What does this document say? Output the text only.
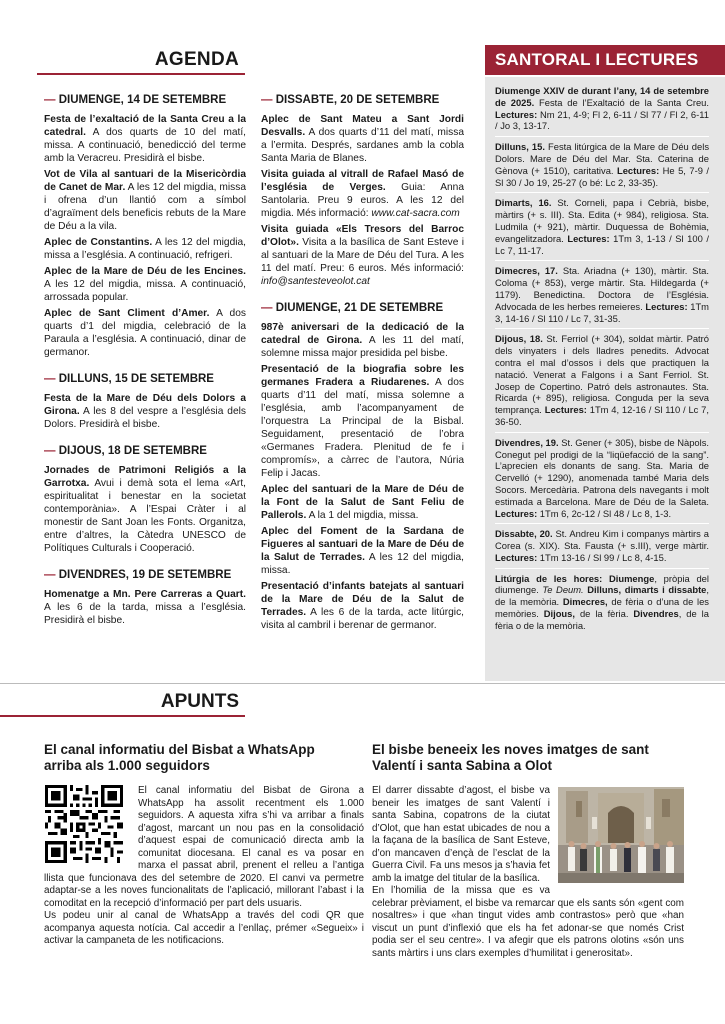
AGENDA	SANTORAL I LECTURES
— DIUMENGE, 14 DE SETEMBRE

Festa de l’exaltació de la Santa Creu a la catedral. A dos quarts de 10 del matí, missa. A continuació, benedicció del terme amb la Veracreu. Presidirà el bisbe.

Vot de Vila al santuari de la Misericòrdia de Canet de Mar. A les 12 del migdia, missa i ofrena d’un llantió com a símbol d’agraïment dels beneficis rebuts de la Mare de Déu a la vila.

Aplec de Constantins. A les 12 del migdia, missa a l’església. A continuació, refrigeri.

Aplec de la Mare de Déu de les Encines. A les 12 del migdia, missa. A continuació, arrossada popular.

Aplec de Sant Climent d’Amer. A dos quarts d’1 del migdia, celebració de la Paraula a l’església. A continuació, dinar de germanor.

— DILLUNS, 15 DE SETEMBRE

Festa de la Mare de Déu dels Dolors a Girona. A les 8 del vespre a l’església dels Dolors. Presidirà el bisbe.

— DIJOUS, 18 DE SETEMBRE

Jornades de Patrimoni Religiós a la Garrotxa. Avui i demà sota el lema «Art, espiritualitat i benestar en la societat contemporània». A l’Espai Cràter i al monestir de Sant Joan les Fonts. Organitza, entre d’altres, la Càtedra UNESCO de Polítiques Culturals i Cooperació.

— DIVENDRES, 19 DE SETEMBRE

Homenatge a Mn. Pere Carreras a Quart. A les 6 de la tarda, missa a l’església. Presidirà el bisbe.

— DISSABTE, 20 DE SETEMBRE

Aplec de Sant Mateu a Sant Jordi Desvalls. A dos quarts d’11 del matí, missa a l’ermita. Després, sardanes amb la cobla Santa Maria de Blanes.

Visita guiada al vitrall de Rafael Masó de l’església de Verges. Guia: Anna Santolaria. Preu 9 euros. A les 12 del migdia. Més informació: www.cat-sacra.com

Visita guiada «Els Tresors del Barroc d’Olot». Visita a la basílica de Sant Esteve i al santuari de la Mare de Déu del Tura. A les 11 del matí. Preu: 6 euros. Més informació: info@santesteveolot.cat

— DIUMENGE, 21 DE SETEMBRE

987è aniversari de la dedicació de la catedral de Girona. A les 11 del matí, solemne missa major presidida pel bisbe.

Presentació de la biografia sobre les germanes Fradera a Riudarenes. A dos quarts d’11 del matí, missa solemne a l’església, amb l’acompanyament de l’orquestra La Principal de la Bisbal. Seguidament, presentació de l’obra «Germanes Fradera. Plenitud de fe i compromís», a càrrec de l’autora, Núria Felip i Jacas.

Aplec del santuari de la Mare de Déu de la Font de la Salut de Sant Feliu de Pallerols. A la 1 del migdia, missa.

Aplec del Foment de la Sardana de Figueres al santuari de la Mare de Déu de la Salut de Terrades. A les 12 del migdia, missa.

Presentació d’infants batejats al santuari de la Mare de Déu de la Salut de Terrades. A les 6 de la tarda, acte litúrgic, visita al cambril i berenar de germanor.

Diumenge XXIV de durant l’any, 14 de setembre de 2025. Festa de l’Exaltació de la Santa Creu. Lectures: Nm 21, 4-9; Fl 2, 6-11 / Sl 77 / Fl 2, 6-11 / Jo 3, 13-17.

Dilluns, 15. Festa litúrgica de la Mare de Déu dels Dolors. Mare de Déu del Mar. Sta. Caterina de Gènova (+ 1510), caritativa. Lectures: He 5, 7-9 / Sl 30 / Jo 19, 25-27 (o bé: Lc 2, 33-35).

Dimarts, 16. St. Corneli, papa i Cebrià, bisbe, màrtirs (+ s. III). Sta. Edita (+ 984), religiosa. Sta. Ludmila (+ 921), màrtir. Duquessa de Bohèmia, evangelitzadora. Lectures: 1Tm 3, 1-13 / Sl 100 / Lc 7, 11-17.

Dimecres, 17. Sta. Ariadna (+ 130), màrtir. Sta. Coloma (+ 853), verge màrtir. Sta. Hildegarda (+ 1179). Benedictina. Doctora de l’Església. Advocada de les herbes remeieres. Lectures: 1Tm 3, 14-16 / Sl 110 / Lc 7, 31-35.

Dijous, 18. St. Ferriol (+ 304), soldat màrtir. Patró dels vinyaters i dels lladres penedits. Advocat contra el mal d’ossos i dels que practiquen la natació. Venerat a Falgons i a Sant Ferriol. St. Josep de Copertino. Patró dels astronautes. Sta. Ricarda (+ 895), religiosa. Conguda per la seva temprança. Lectures: 1Tm 4, 12-16 / Sl 110 / Lc 7, 36-50.

Divendres, 19. St. Gener (+ 305), bisbe de Nàpols. Conegut pel prodigi de la “liqüefacció de la sang”. L’aprecien els donants de sang. Sta. Maria de Cervelló (+ 1290), anomenada també Maria dels Socors. Mercedària. Patrona dels navegants i molt estimada a Barcelona. Mare de Déu de la Saleta. Lectures: 1Tm 6, 2c-12 / Sl 48 / Lc 8, 1-3.

Dissabte, 20. St. Andreu Kim i companys màrtirs a Corea (s. XIX). Sta. Fausta (+ s.III), verge màrtir. Lectures: 1Tm 13-16 / Sl 99 / Lc 8, 4-15.

Litúrgia de les hores: Diumenge, pròpia del diumenge. Te Deum. Dilluns, dimarts i dissabte, de la memòria. Dimecres, de fèria o d’una de les memòries. Dijous, de la fèria. Divendres, de la fèria o de la memòria.

APUNTS
El canal informatiu del Bisbat a WhatsApp arriba als 1.000 seguidors

El canal informatiu del Bisbat de Girona a WhatsApp ha assolit recentment els 1.000 seguidors. A aquesta xifra s’hi va arribar a finals d’agost, marcant un nou pas en la consolidació d’aquest espai de comunicació directa amb la comunitat diocesana. El canal es va posar en marxa el passat abril, prenent el relleu a l’antiga llista que funcionava des del setembre de 2020. El canvi va permetre adaptar-se a les noves funcionalitats de l’aplicació, millorant l’abast i la comoditat en la recepció d’informació per part dels usuaris.

Us podeu unir al canal de WhatsApp a través del codi QR que acompanya aquesta notícia. Cal accedir a l’enllaç, prémer «Segueix» i activar la campaneta de les notificacions.

El bisbe beneeix les noves imatges de sant Valentí i santa Sabina a Olot

El darrer dissabte d’agost, el bisbe va beneir les imatges de sant Valentí i santa Sabina, copatrons de la ciutat d’Olot, que han estat ubicades de nou a la façana de la basílica de Sant Esteve, d’on mancaven d’ençà de l’esclat de la Guerra Civil. Fa uns mesos ja s’havia fet amb la imatge del titular de la basílica.

En l’homilia de la missa que es va celebrar prèviament, el bisbe va remarcar que els sants són «gent com nosaltres» i que «han tingut vides amb contrastos» però que «han viscut un punt d’inflexió que els ha fet adonar-se que només Crist podia ser el seu centre». I va afegir que els patrons olotins «són uns sants màrtirs i uns clars exemples d’humilitat i generositat».
